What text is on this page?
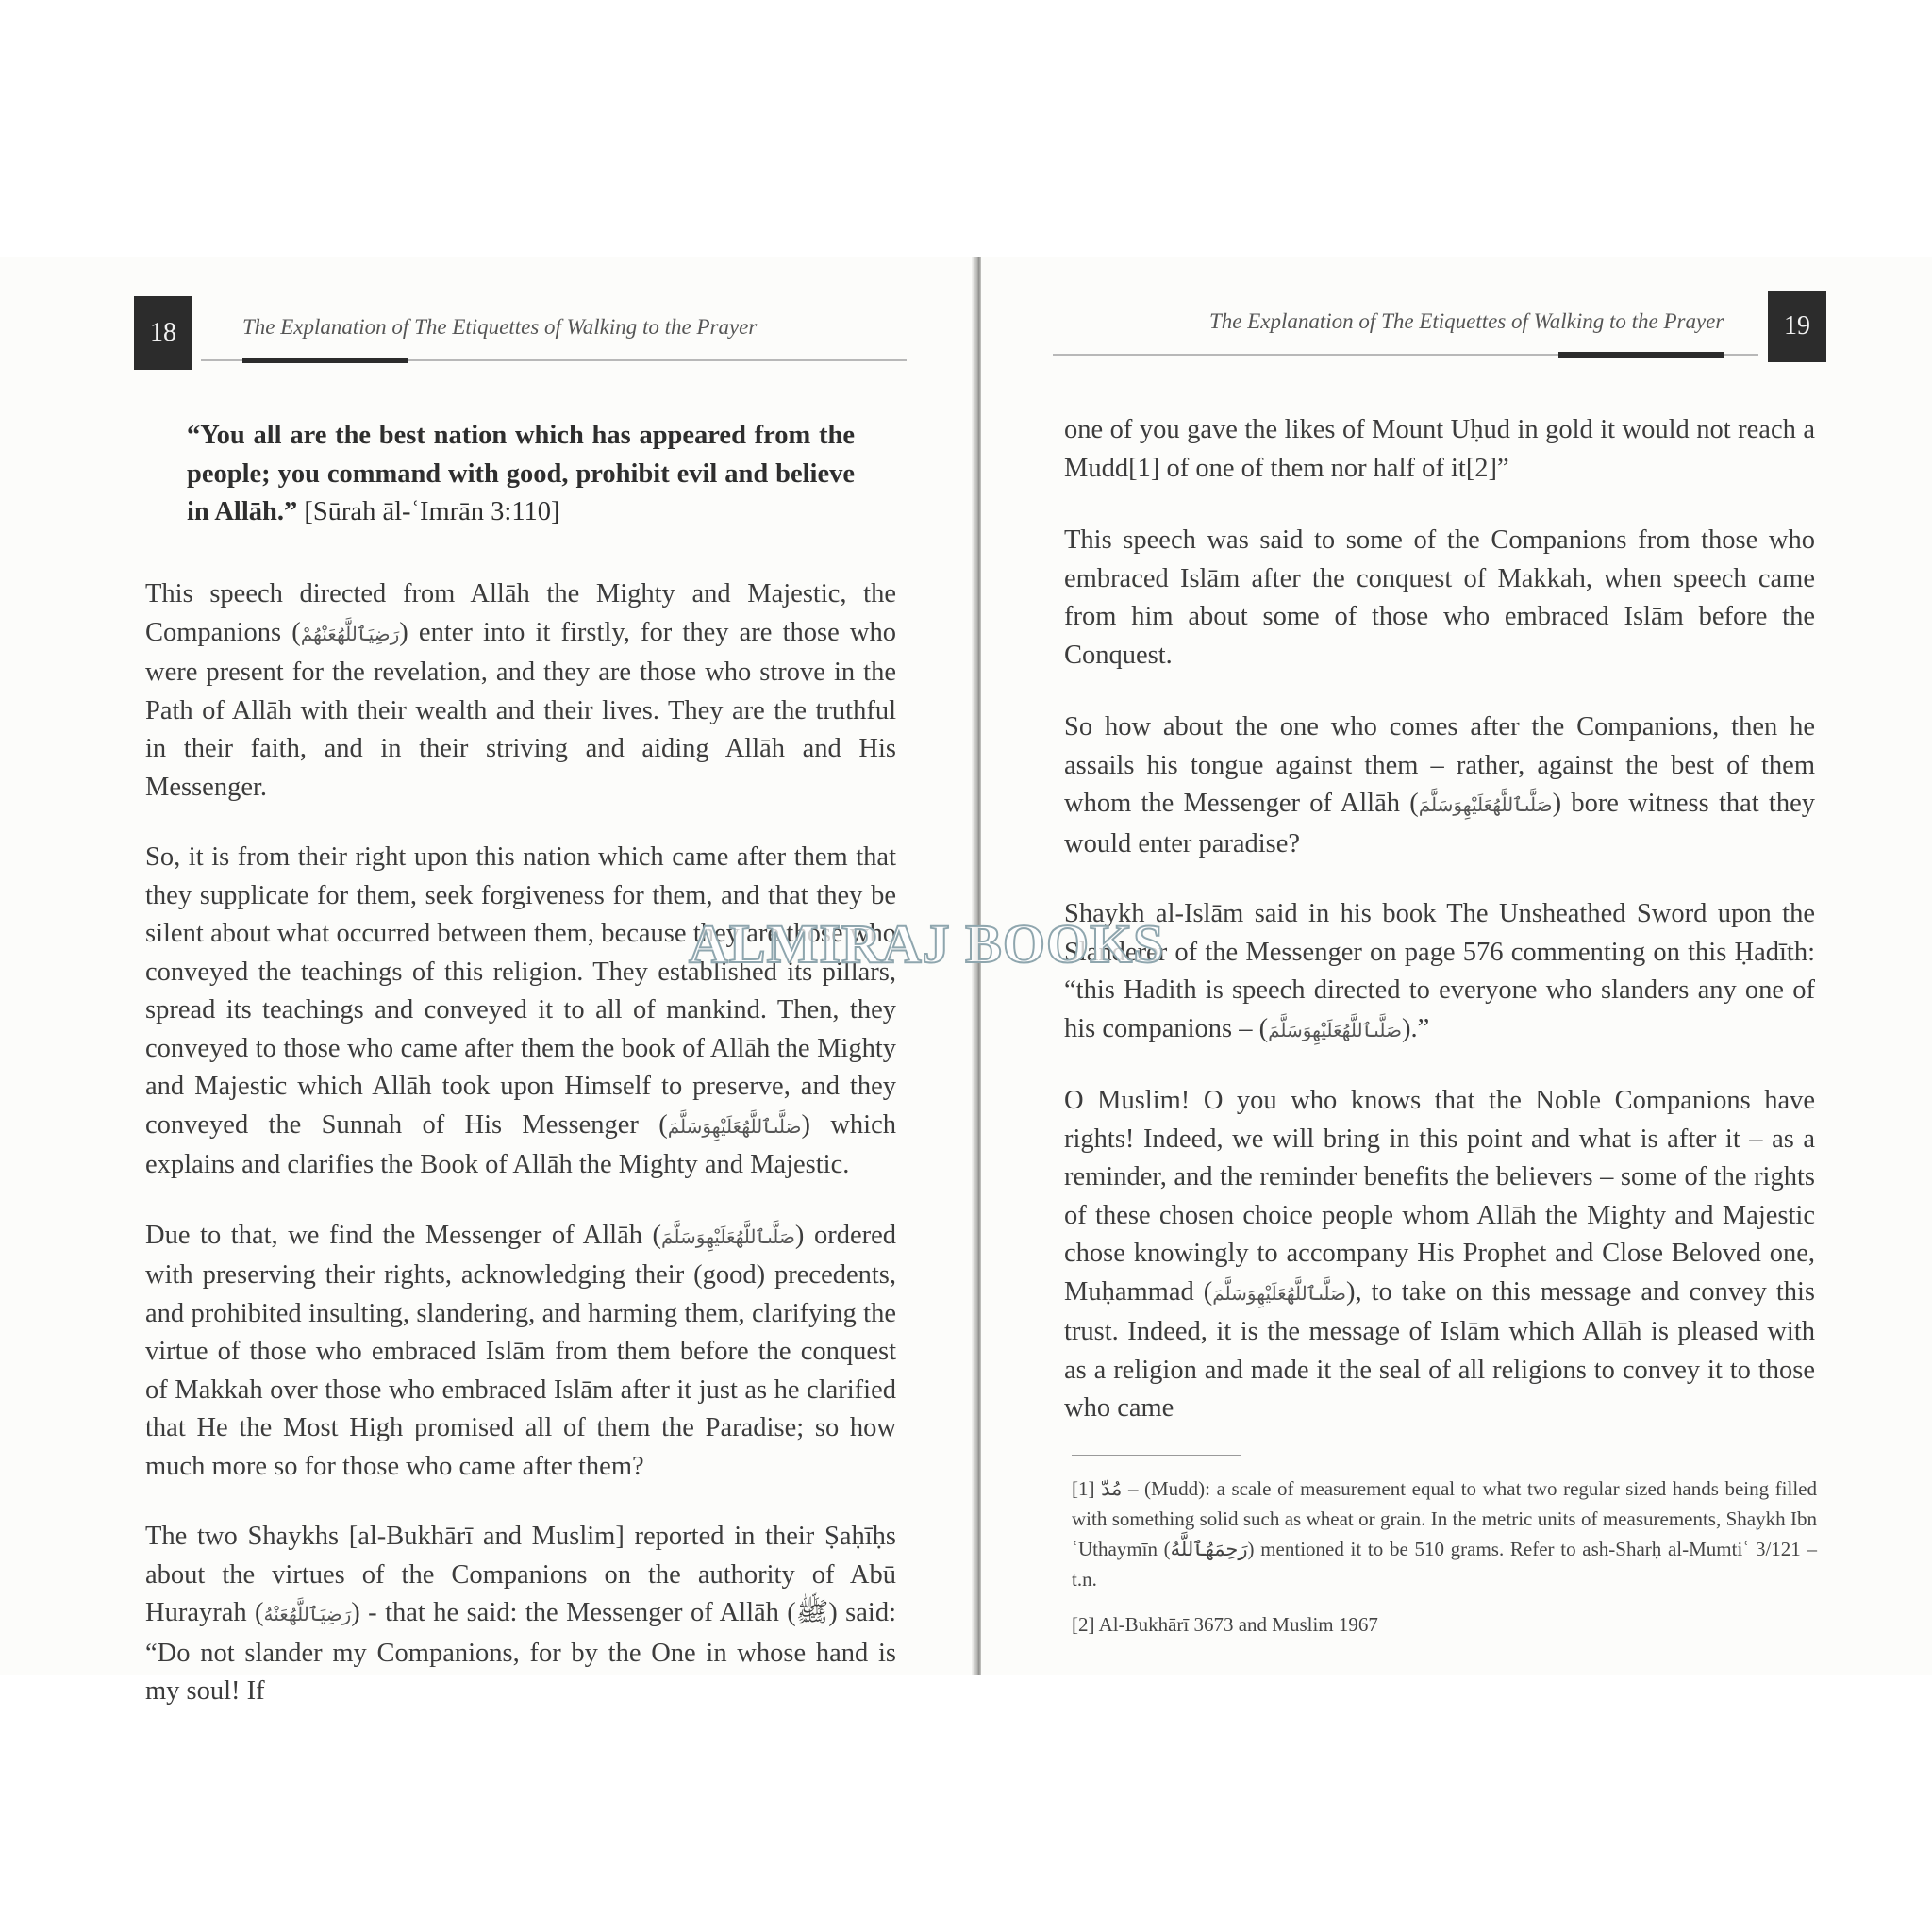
18	The Explanation of The Etiquettes of Walking to the Prayer

“You all are the best nation which has appeared from the people; you command with good, prohibit evil and believe in Allāh.” [Sūrah āl-ʿImrān 3:110]

This speech directed from Allāh the Mighty and Majestic, the Companions (رَضِيَٱللَّهُعَنْهُمْ) enter into it firstly, for they are those who were present for the revelation, and they are those who strove in the Path of Allāh with their wealth and their lives. They are the truthful in their faith, and in their striving and aiding Allāh and His Messenger.

So, it is from their right upon this nation which came after them that they supplicate for them, seek forgiveness for them, and that they be silent about what occurred between them, because they are those who conveyed the teachings of this religion. They established its pillars, spread its teachings and conveyed it to all of mankind. Then, they conveyed to those who came after them the book of Allāh the Mighty and Majestic which Allāh took upon Himself to preserve, and they conveyed the Sunnah of His Messenger (صَلَّىٱللَّهُعَلَيْهِوَسَلَّمَ) which explains and clarifies the Book of Allāh the Mighty and Majestic.

Due to that, we find the Messenger of Allāh (صَلَّىٱللَّهُعَلَيْهِوَسَلَّمَ) ordered with preserving their rights, acknowledging their (good) precedents, and prohibited insulting, slandering, and harming them, clarifying the virtue of those who embraced Islām from them before the conquest of Makkah over those who embraced Islām after it just as he clarified that He the Most High promised all of them the Paradise; so how much more so for those who came after them?

The two Shaykhs [al-Bukhārī and Muslim] reported in their Ṣaḥīḥs about the virtues of the Companions on the authority of Abū Hurayrah (رَضِيَٱللَّهُعَنْهُ) - that he said: the Messenger of Allāh (ﷺ) said: “Do not slander my Companions, for by the One in whose hand is my soul! If

19
The Explanation of The Etiquettes of Walking to the Prayer

one of you gave the likes of Mount Uḥud in gold it would not reach a Mudd[1] of one of them nor half of it[2]”

This speech was said to some of the Companions from those who embraced Islām after the conquest of Makkah, when speech came from him about some of those who embraced Islām before the Conquest.

So how about the one who comes after the Companions, then he assails his tongue against them – rather, against the best of them whom the Messenger of Allāh (صَلَّىٱللَّهُعَلَيْهِوَسَلَّمَ) bore witness that they would enter paradise?

Shaykh al-Islām said in his book The Unsheathed Sword upon the Slanderer of the Messenger on page 576 commenting on this Ḥadīth: “this Hadith is speech directed to everyone who slanders any one of his companions – (صَلَّىٱللَّهُعَلَيْهِوَسَلَّمَ).”

O Muslim! O you who knows that the Noble Companions have rights! Indeed, we will bring in this point and what is after it – as a reminder, and the reminder benefits the believers – some of the rights of these chosen choice people whom Allāh the Mighty and Majestic chose knowingly to accompany His Prophet and Close Beloved one, Muḥammad (صَلَّىٱللَّهُعَلَيْهِوَسَلَّمَ), to take on this message and convey this trust. Indeed, it is the message of Islām which Allāh is pleased with as a religion and made it the seal of all religions to convey it to those who came

[1] مُدّ – (Mudd): a scale of measurement equal to what two regular sized hands being filled with something solid such as wheat or grain. In the metric units of measurements, Shaykh Ibn ʿUthaymīn (رَحِمَهُٱللَّهُ) mentioned it to be 510 grams. Refer to ash-Sharḥ al-Mumtiʿ 3/121 – t.n.
[2] Al-Bukhārī 3673 and Muslim 1967
ALMIRAJ BOOKS
